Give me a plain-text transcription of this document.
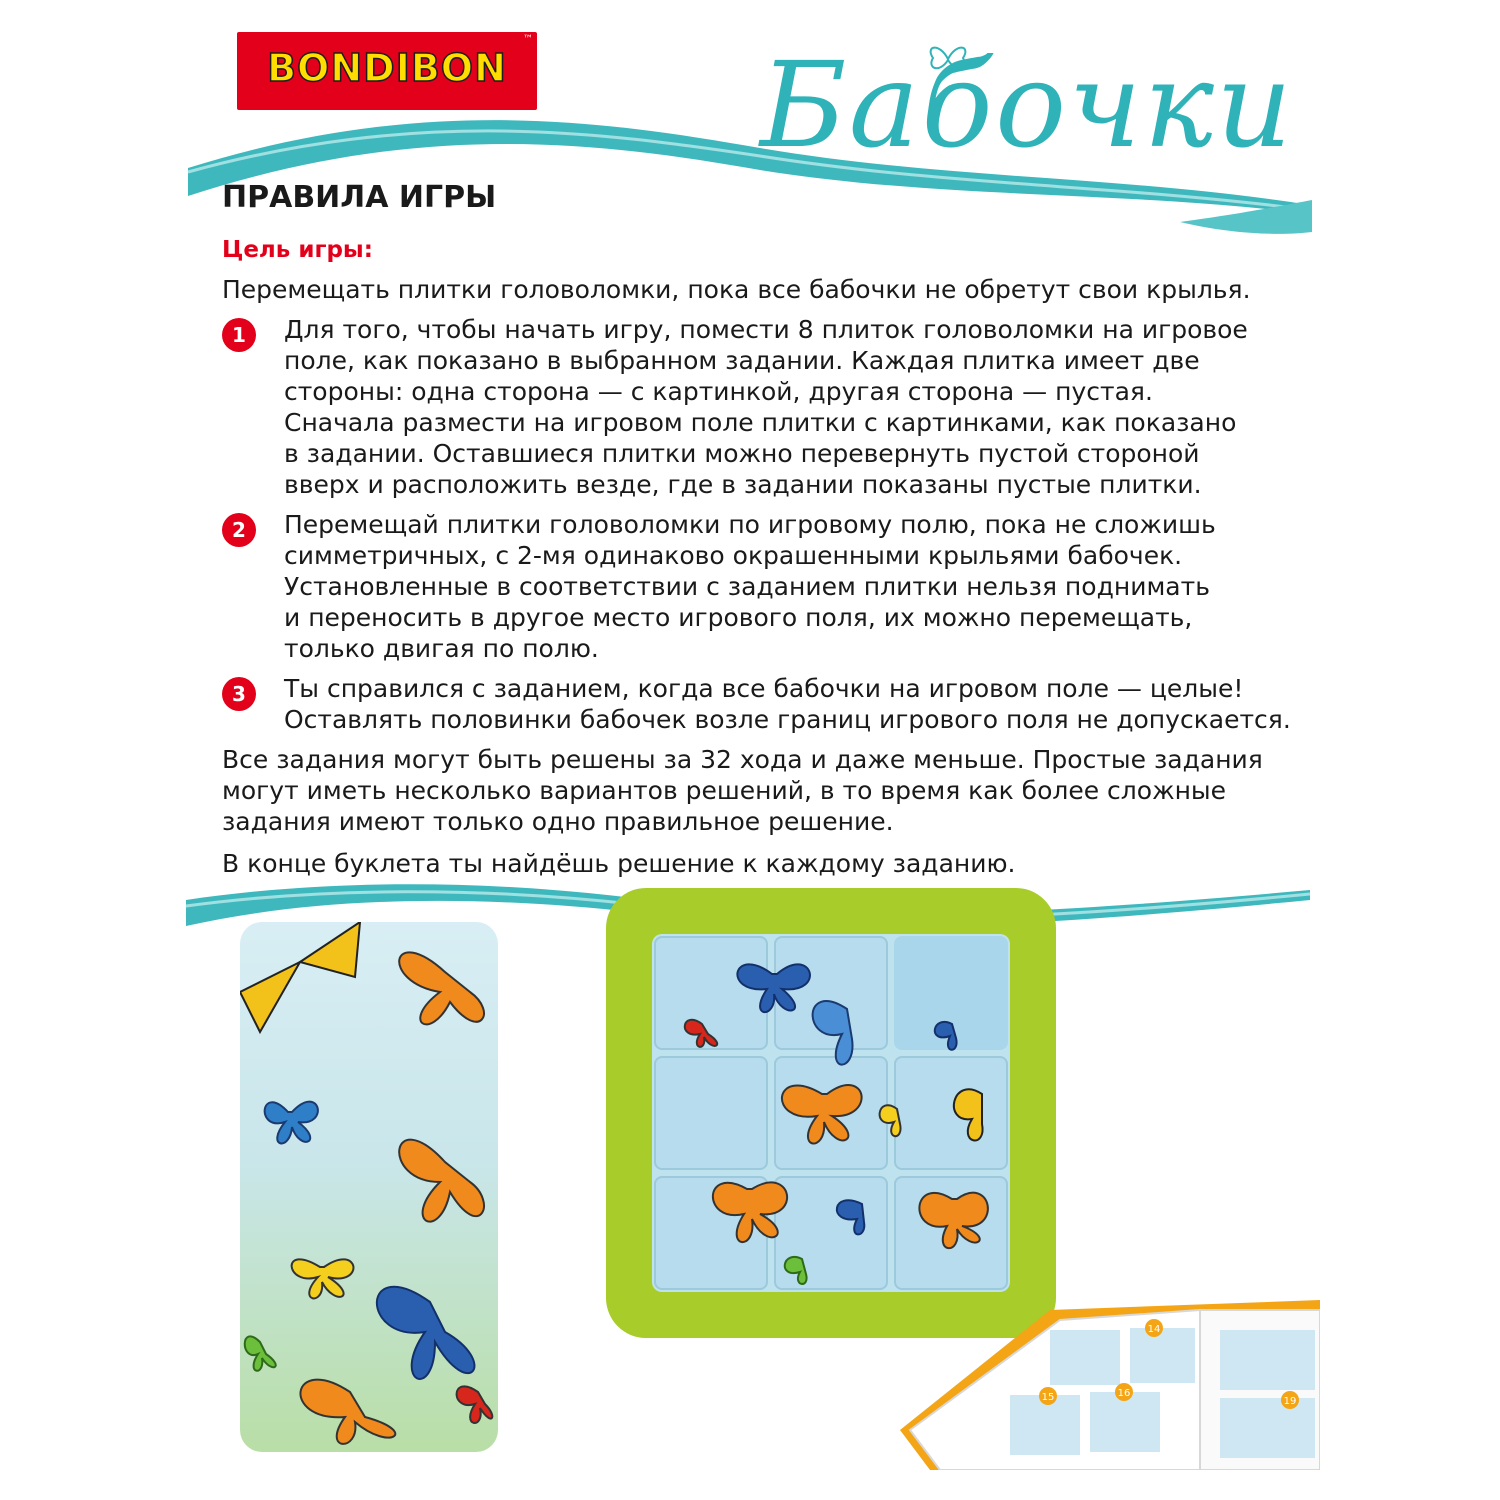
BONDIBON
™ Бабочки
ПРАВИЛА ИГРЫ
Цель игры:
Перемещать плитки головоломки, пока все бабочки не обретут свои крылья.
1	Для того, чтобы начать игру, помести 8 плиток головоломки на игровое
поле, как показано в выбранном задании. Каждая плитка имеет две
стороны: одна сторона — с картинкой, другая сторона — пустая.
Сначала размести на игровом поле плитки с картинками, как показано
в задании. Оставшиеся плитки можно перевернуть пустой стороной
вверх и расположить везде, где в задании показаны пустые плитки.
2	Перемещай плитки головоломки по игровому полю, пока не сложишь
симметричных, с 2-мя одинаково окрашенными крыльями бабочек.
Установленные в соответствии с заданием плитки нельзя поднимать
и переносить в другое место игрового поля, их можно перемещать,
только двигая по полю.
3	Ты справился с заданием, когда все бабочки на игровом поле — целые!
Оставлять половинки бабочек возле границ игрового поля не допускается.
Все задания могут быть решены за 32 хода и даже меньше. Простые задания
могут иметь несколько вариантов решений, в то время как более сложные
задания имеют только одно правильное решение.
В конце буклета ты найдёшь решение к каждому заданию.
14
15	16
19
